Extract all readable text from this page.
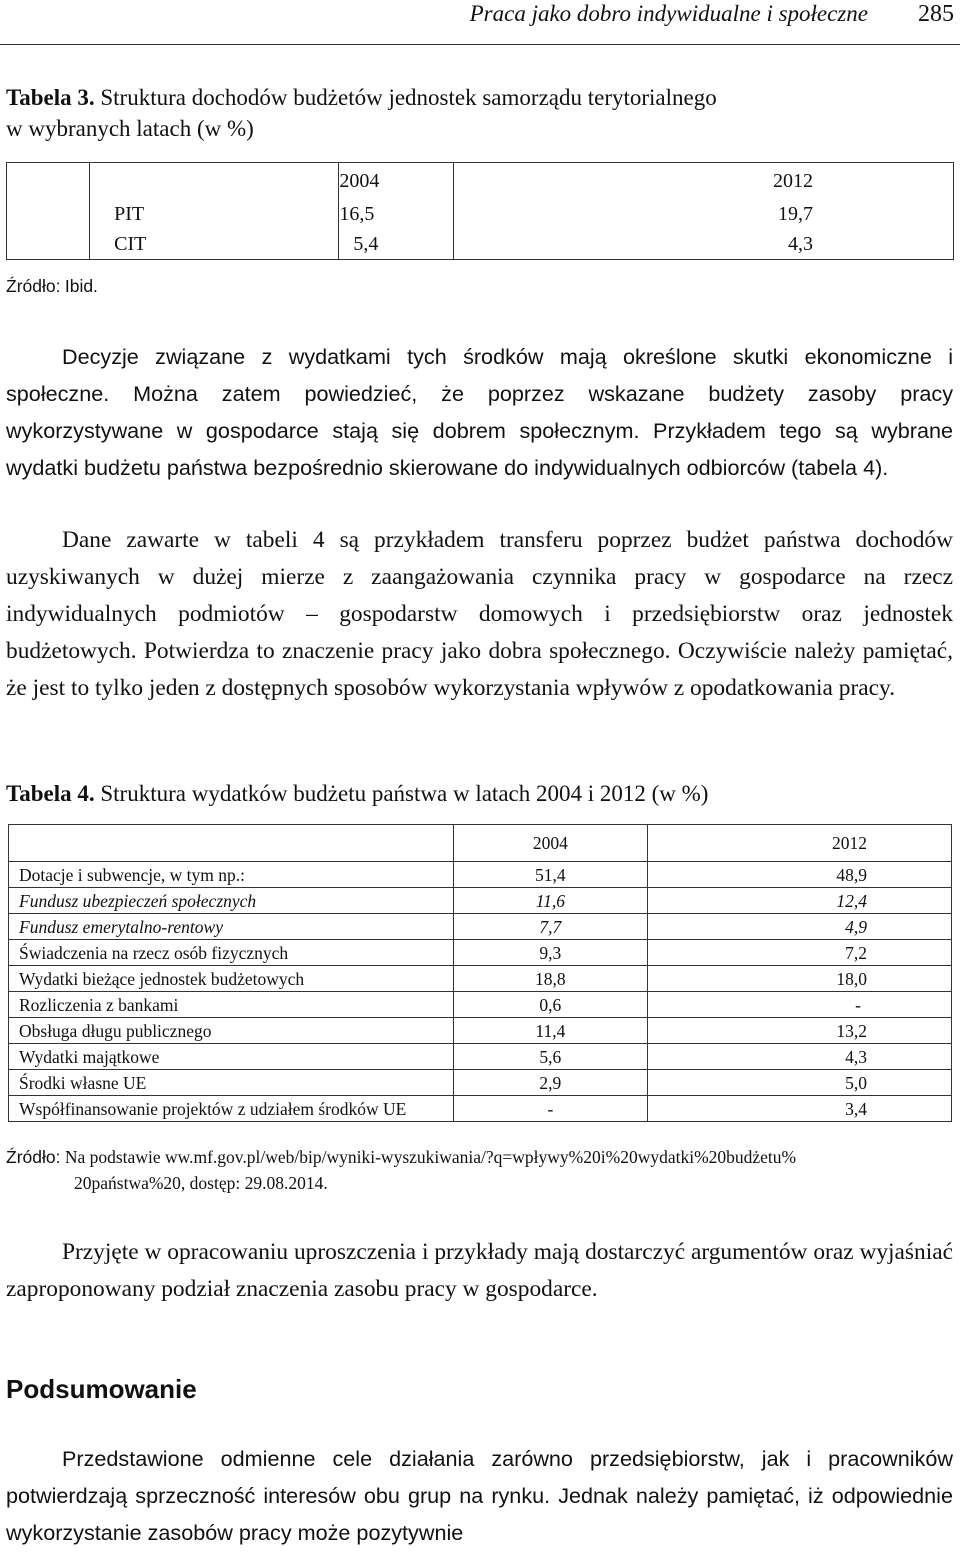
Praca jako dobro indywidualne i społeczne 285
Tabela 3. Struktura dochodów budżetów jednostek samorządu terytorialnego
w wybranych latach (w %)
		2004	2012
	PIT	16,5	19,7
	CIT	5,4	4,3
Źródło: Ibid.

Decyzje związane z wydatkami tych środków mają określone skutki ekonomiczne i społeczne. Można zatem powiedzieć, że poprzez wskazane budżety zasoby pracy wykorzystywane w gospodarce stają się dobrem społecznym. Przykładem tego są wybrane wydatki budżetu państwa bezpośrednio skierowane do indywidualnych odbiorców (tabela 4).

Dane zawarte w tabeli 4 są przykładem transferu poprzez budżet państwa dochodów uzyskiwanych w dużej mierze z zaangażowania czynnika pracy w gospodarce na rzecz indywidualnych podmiotów – gospodarstw domowych i przedsiębiorstw oraz jednostek budżetowych. Potwierdza to znaczenie pracy jako dobra społecznego. Oczywiście należy pamiętać, że jest to tylko jeden z dostępnych sposobów wykorzystania wpływów z opodatkowania pracy.

Tabela 4. Struktura wydatków budżetu państwa w latach 2004 i 2012 (w %)
	2004	2012
Dotacje i subwencje, w tym np.:	51,4	48,9
Fundusz ubezpieczeń społecznych	11,6	12,4
Fundusz emerytalno-rentowy	7,7	4,9
Świadczenia na rzecz osób fizycznych	9,3	7,2
Wydatki bieżące jednostek budżetowych	18,8	18,0
Rozliczenia z bankami	0,6	-
Obsługa długu publicznego	11,4	13,2
Wydatki majątkowe	5,6	4,3
Środki własne UE	2,9	5,0
Współfinansowanie projektów z udziałem środków UE	-	3,4
Źródło: Na podstawie ww.mf.gov.pl/web/bip/wyniki-wyszukiwania/?q=wpływy%20i%20wydatki%20budżetu%
20państwa%20, dostęp: 29.08.2014.

Przyjęte w opracowaniu uproszczenia i przykłady mają dostarczyć argumentów oraz wyjaśniać zaproponowany podział znaczenia zasobu pracy w gospodarce.

Podsumowanie

Przedstawione odmienne cele działania zarówno przedsiębiorstw, jak i pracowników potwierdzają sprzeczność interesów obu grup na rynku. Jednak należy pamiętać, iż odpowiednie wykorzystanie zasobów pracy może pozytywnie
